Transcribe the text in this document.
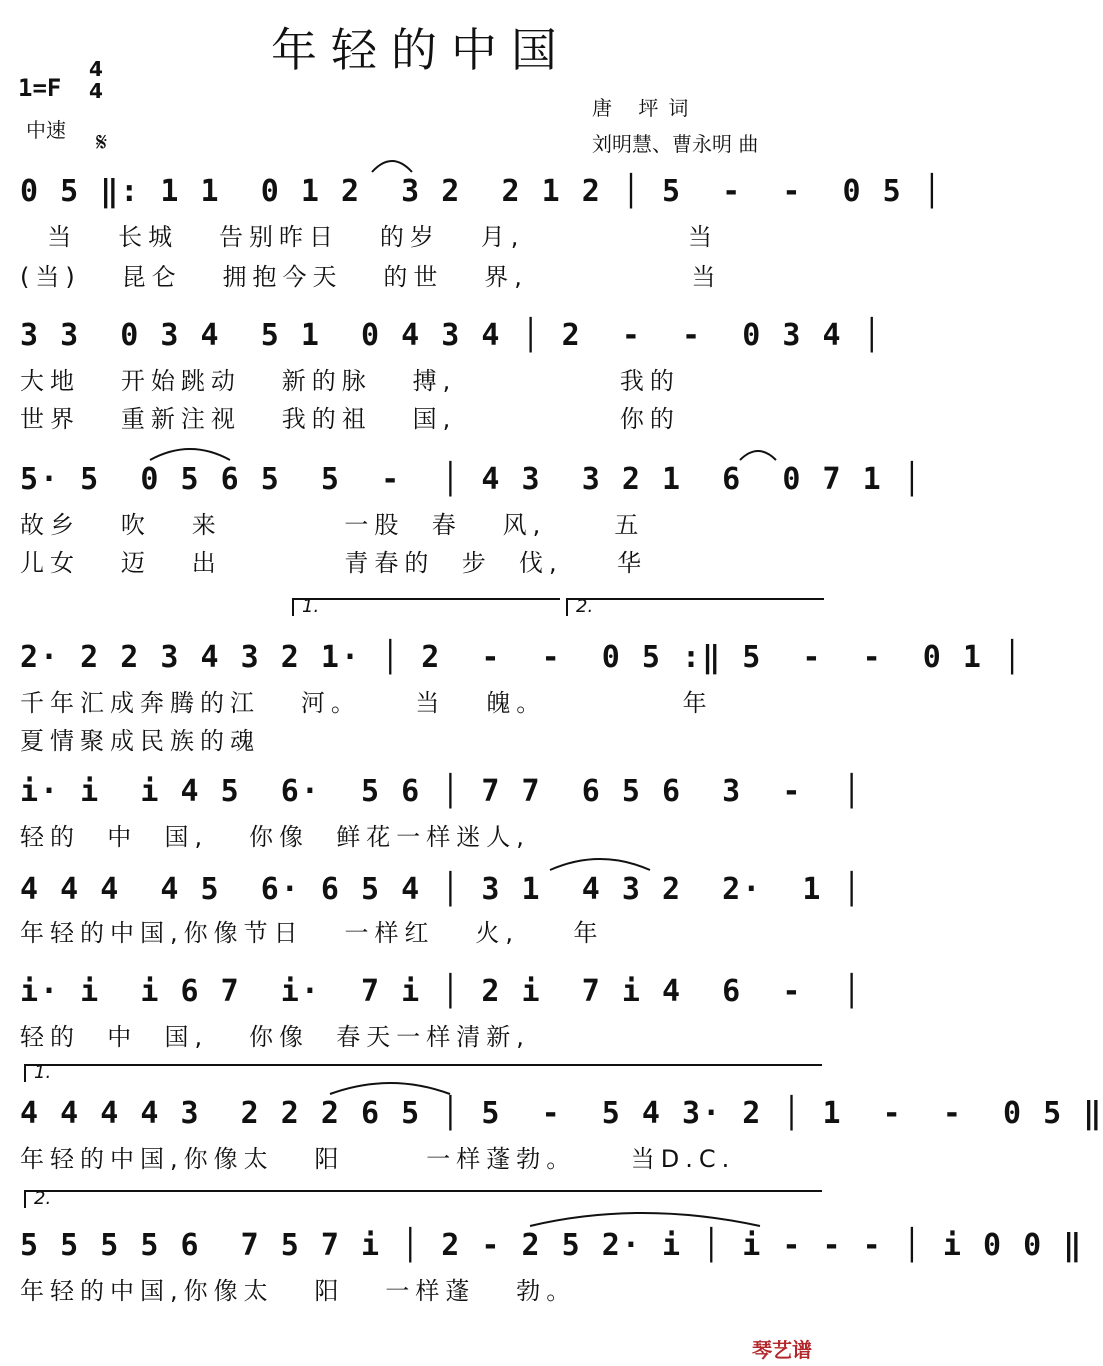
年轻的中国
1=F
4
4
中速 𝄋
唐 坪词
刘明慧、曹永明 曲
0 5 ‖: 1 1  0 1 2  3 2  2 1 2 │ 5  -  -  0 5 │
当   长城   告别昨日   的岁   月,            当
(当)   昆仑   拥抱今天   的世   界,            当
3 3  0 3 4  5 1  0 4 3 4 │ 2  -  -  0 3 4 │
大地   开始跳动   新的脉   搏,            我的
世界   重新注视   我的祖   国,            你的
5· 5  0 5 6 5  5  -  │ 4 3  3 2 1  6  0 7 1 │
故乡   吹   来         一股  春   风,     五
儿女   迈   出         青春的  步  伐,    华
1.	2.
2· 2 2 3 4 3 2 1· │ 2  -  -  0 5 :‖ 5  -  -  0 1 │
千年汇成奔腾的江   河。    当   魄。          年
夏情聚成民族的魂
i· i  i 4 5  6·  5 6 │ 7 7  6 5 6  3  -  │
轻的  中  国,   你像  鲜花一样迷人,
4 4 4  4 5  6· 6 5 4 │ 3 1  4 3 2  2·  1 │
年轻的中国,你像节日   一样红   火,    年
i· i  i 6 7  i·  7 i │ 2 i  7 i 4  6  -  │
轻的  中  国,   你像  春天一样清新,
1.
4 4 4 4 3  2 2 2 6 5 │ 5  -  5 4 3· 2 │ 1  -  -  0 5 ‖
年轻的中国,你像太   阳      一样蓬勃。    当D.C.
2.
5 5 5 5 6  7 5 7 i │ 2 - 2 5 2· i │ i - - - │ i 0 0 ‖
年轻的中国,你像太   阳   一样蓬   勃。
琴艺谱
